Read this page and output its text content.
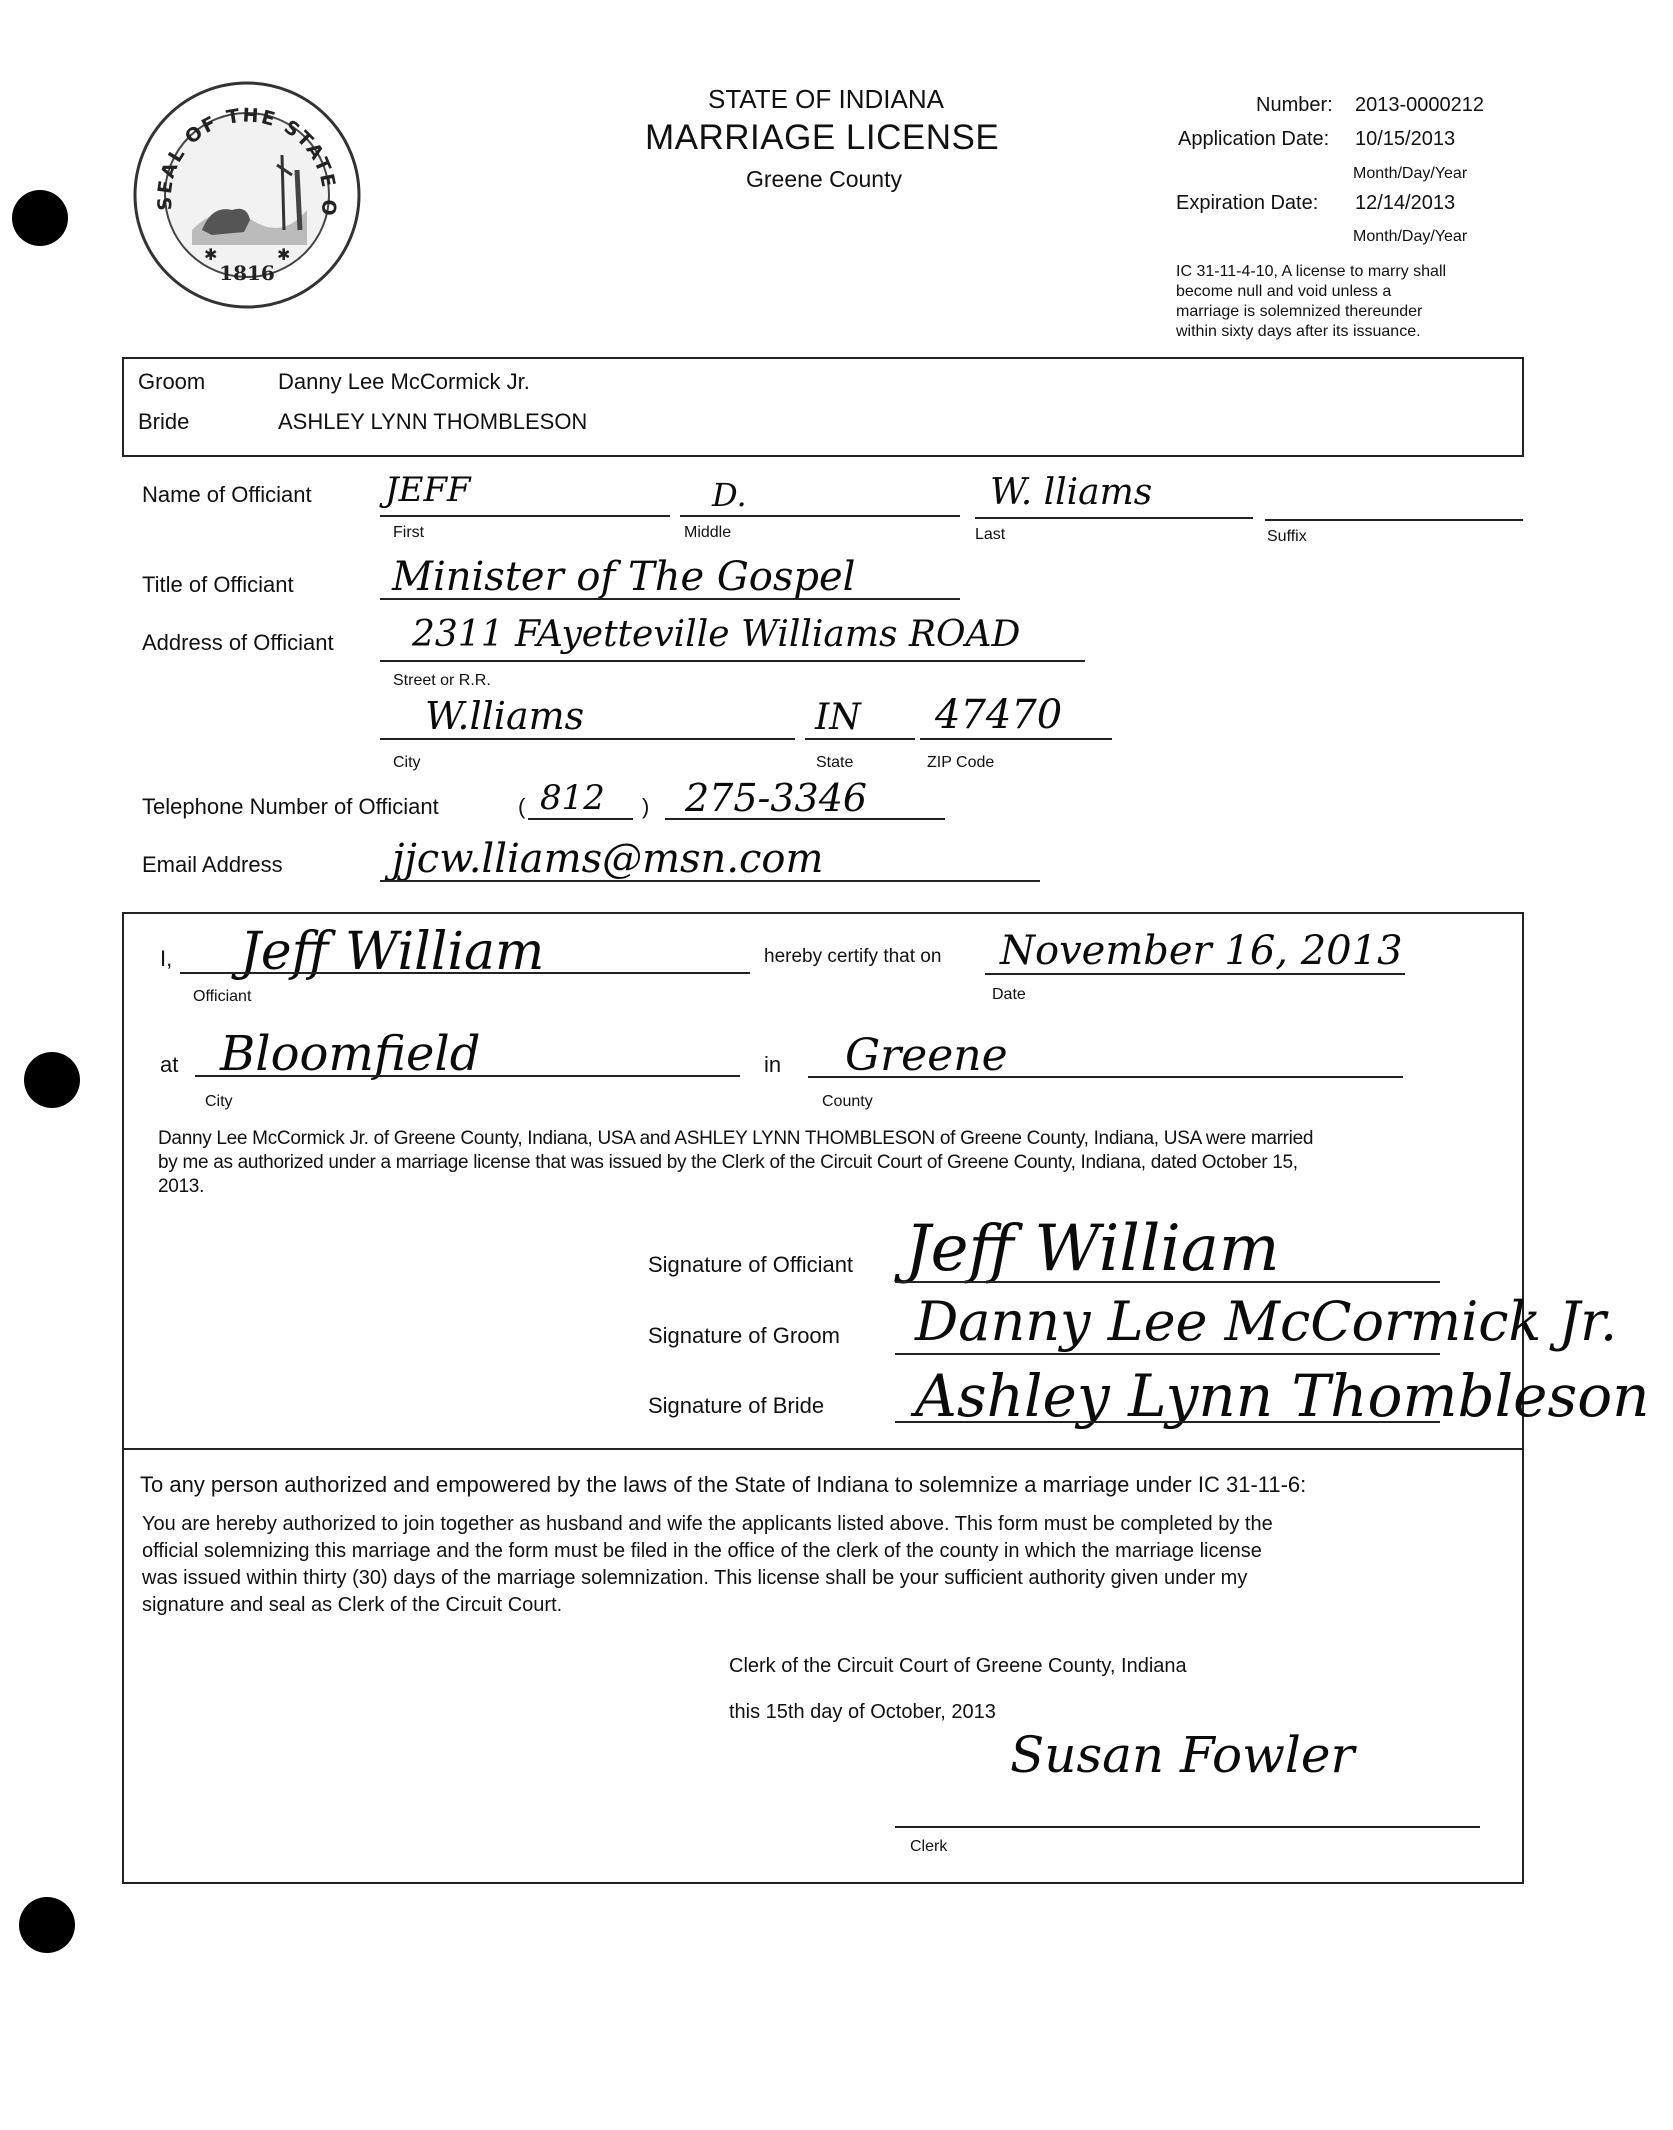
SEAL OF THE STATE O
1816
✱	✱
STATE OF INDIANA
MARRIAGE LICENSE
Greene County
Number: 2013-0000212
Application Date: 10/15/2013
Month/Day/Year
Expiration Date: 12/14/2013
Month/Day/Year
IC 31-11-4-10, A license to marry shall
become null and void unless a
marriage is solemnized thereunder
within sixty days after its issuance.
Groom	Danny Lee McCormick Jr.
Bride	ASHLEY LYNN THOMBLESON
Name of Officiant JEFF	D.	W. lliams
First	Middle	Last	Suffix
Title of Officiant Minister of The Gospel
Address of Officiant 2311 FAyetteville Williams ROAD
Street or R.R.
W.lliams	IN 47470
City	State	ZIP Code
Telephone Number of Officiant	( 812 ) 275-3346
Email Address	jjcw.lliams@msn.com
I, Jeff William
Officiant
hereby certify that on November 16, 2013
Date
at Bloomfield
City
in Greene
County
Danny Lee McCormick Jr. of Greene County, Indiana, USA and ASHLEY LYNN THOMBLESON of Greene County, Indiana, USA were married
by me as authorized under a marriage license that was issued by the Clerk of the Circuit Court of Greene County, Indiana, dated October 15,
2013.
Signature of Officiant Jeff William
Signature of Groom Danny Lee McCormick Jr.
Signature of Bride Ashley Lynn Thombleson
To any person authorized and empowered by the laws of the State of Indiana to solemnize a marriage under IC 31-11-6:
You are hereby authorized to join together as husband and wife the applicants listed above. This form must be completed by the
official solemnizing this marriage and the form must be filed in the office of the clerk of the county in which the marriage license
was issued within thirty (30) days of the marriage solemnization. This license shall be your sufficient authority given under my
signature and seal as Clerk of the Circuit Court.
Clerk of the Circuit Court of Greene County, Indiana
this 15th day of October, 2013
Susan Fowler
Clerk
